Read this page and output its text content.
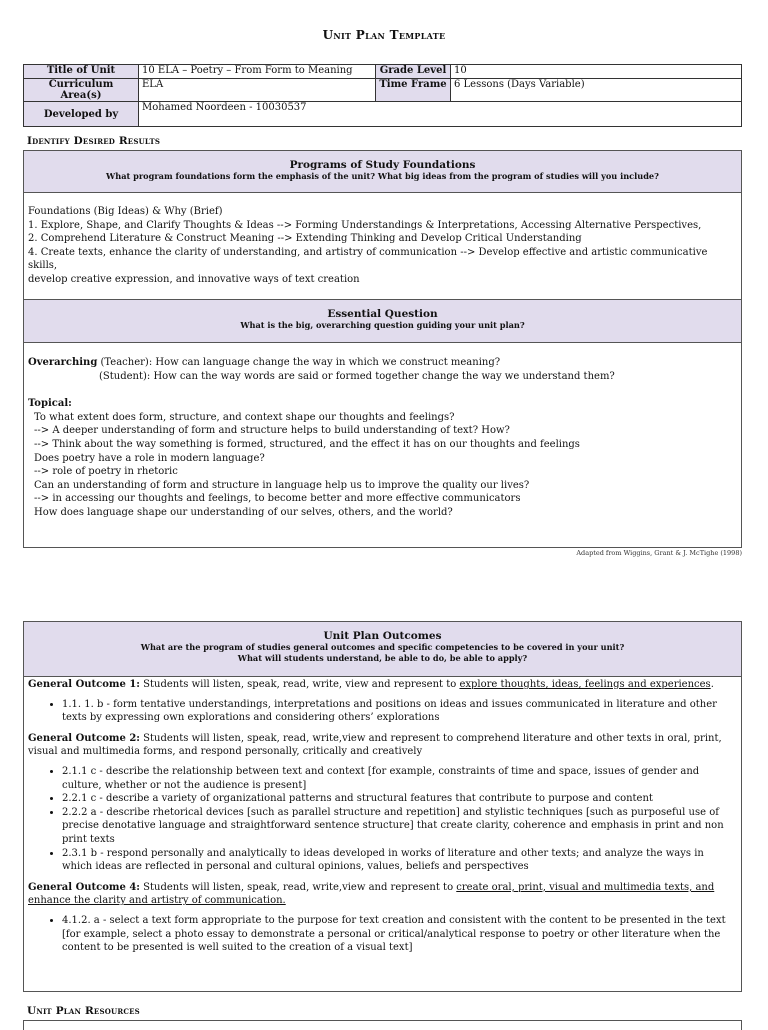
Unit Plan Template
Title of Unit	10 ELA – Poetry – From Form to Meaning	Grade Level	10
Curriculum Area(s)	ELA	Time Frame	6 Lessons (Days Variable)
Developed by	Mohamed Noordeen - 10030537		
Identify Desired Results
Programs of Study Foundations
What program foundations form the emphasis of the unit? What big ideas from the program of studies will you include?

Foundations (Big Ideas) & Why (Brief)

1. Explore, Shape, and Clarify Thoughts & Ideas --> Forming Understandings & Interpretations, Accessing Alternative Perspectives,

2. Comprehend Literature & Construct Meaning --> Extending Thinking and Develop Critical Understanding

4. Create texts, enhance the clarity of understanding, and artistry of communication --> Develop effective and artistic communicative skills,

develop creative expression, and innovative ways of text creation

Essential Question
What is the big, overarching question guiding your unit plan?

Overarching (Teacher): How can language change the way in which we construct meaning?

(Student): How can the way words are said or formed together change the way we understand them?

Topical:

To what extent does form, structure, and context shape our thoughts and feelings?

--> A deeper understanding of form and structure helps to build understanding of text? How?

--> Think about the way something is formed, structured, and the effect it has on our thoughts and feelings

Does poetry have a role in modern language?

--> role of poetry in rhetoric

Can an understanding of form and structure in language help us to improve the quality our lives?

--> in accessing our thoughts and feelings, to become better and more effective communicators

How does language shape our understanding of our selves, others, and the world?

Adapted from Wiggins, Grant & J. McTighe (1998)
Unit Plan Outcomes
What are the program of studies general outcomes and specific competencies to be covered in your unit?
What will students understand, be able to do, be able to apply?

General Outcome 1: Students will listen, speak, read, write, view and represent to explore thoughts, ideas, feelings and experiences.

• 1.1. 1. b - form tentative understandings, interpretations and positions on ideas and issues communicated in literature and other texts by expressing own explorations and considering others’ explorations

General Outcome 2: Students will listen, speak, read, write,view and represent to comprehend literature and other texts in oral, print, visual and multimedia forms, and respond personally, critically and creatively

• 2.1.1 c - describe the relationship between text and context [for example, constraints of time and space, issues of gender and culture, whether or not the audience is present]
• 2.2.1 c - describe a variety of organizational patterns and structural features that contribute to purpose and content
• 2.2.2 a - describe rhetorical devices [such as parallel structure and repetition] and stylistic techniques [such as purposeful use of precise denotative language and straightforward sentence structure] that create clarity, coherence and emphasis in print and non print texts
• 2.3.1 b - respond personally and analytically to ideas developed in works of literature and other texts; and analyze the ways in which ideas are reflected in personal and cultural opinions, values, beliefs and perspectives

General Outcome 4: Students will listen, speak, read, write,view and represent to create oral, print, visual and multimedia texts, and enhance the clarity and artistry of communication.

• 4.1.2. a - select a text form appropriate to the purpose for text creation and consistent with the content to be presented in the text [for example, select a photo essay to demonstrate a personal or critical/analytical response to poetry or other literature when the content to be presented is well suited to the creation of a visual text]
Unit Plan Resources
